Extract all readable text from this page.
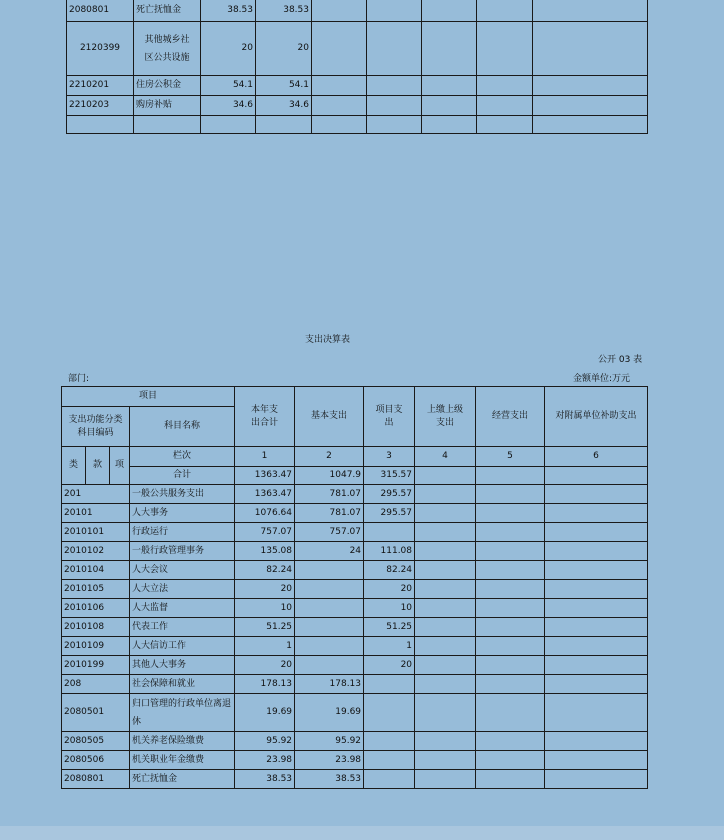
2080801	死亡抚恤金	38.53	38.53					
2120399	其他城乡社区公共设施	20	20					
2210201	住房公积金	54.1	54.1					
2210203	购房补贴	34.6	34.6					

支出决算表
公开 03 表
部门:	金额单位:万元
项目				本年支出合计	基本支出	项目支出	上缴上级支出	经营支出	对附属单位补助支出
支出功能分类科目编码			科目名称						

类	款	项	栏次	1	2	3	4	5	6
			合计	1363.47	1047.9	315.57			
201			一般公共服务支出	1363.47	781.07	295.57			
20101			人大事务	1076.64	781.07	295.57			
2010101			行政运行	757.07	757.07				
2010102			一般行政管理事务	135.08	24	111.08			
2010104			人大会议	82.24		82.24			
2010105			人大立法	20		20			
2010106			人大监督	10		10			
2010108			代表工作	51.25		51.25			
2010109			人大信访工作	1		1			
2010199			其他人大事务	20		20			
208			社会保障和就业	178.13	178.13				
2080501			归口管理的行政单位离退休	19.69	19.69				
2080505			机关养老保险缴费	95.92	95.92				
2080506			机关职业年金缴费	23.98	23.98				
2080801			死亡抚恤金	38.53	38.53				
